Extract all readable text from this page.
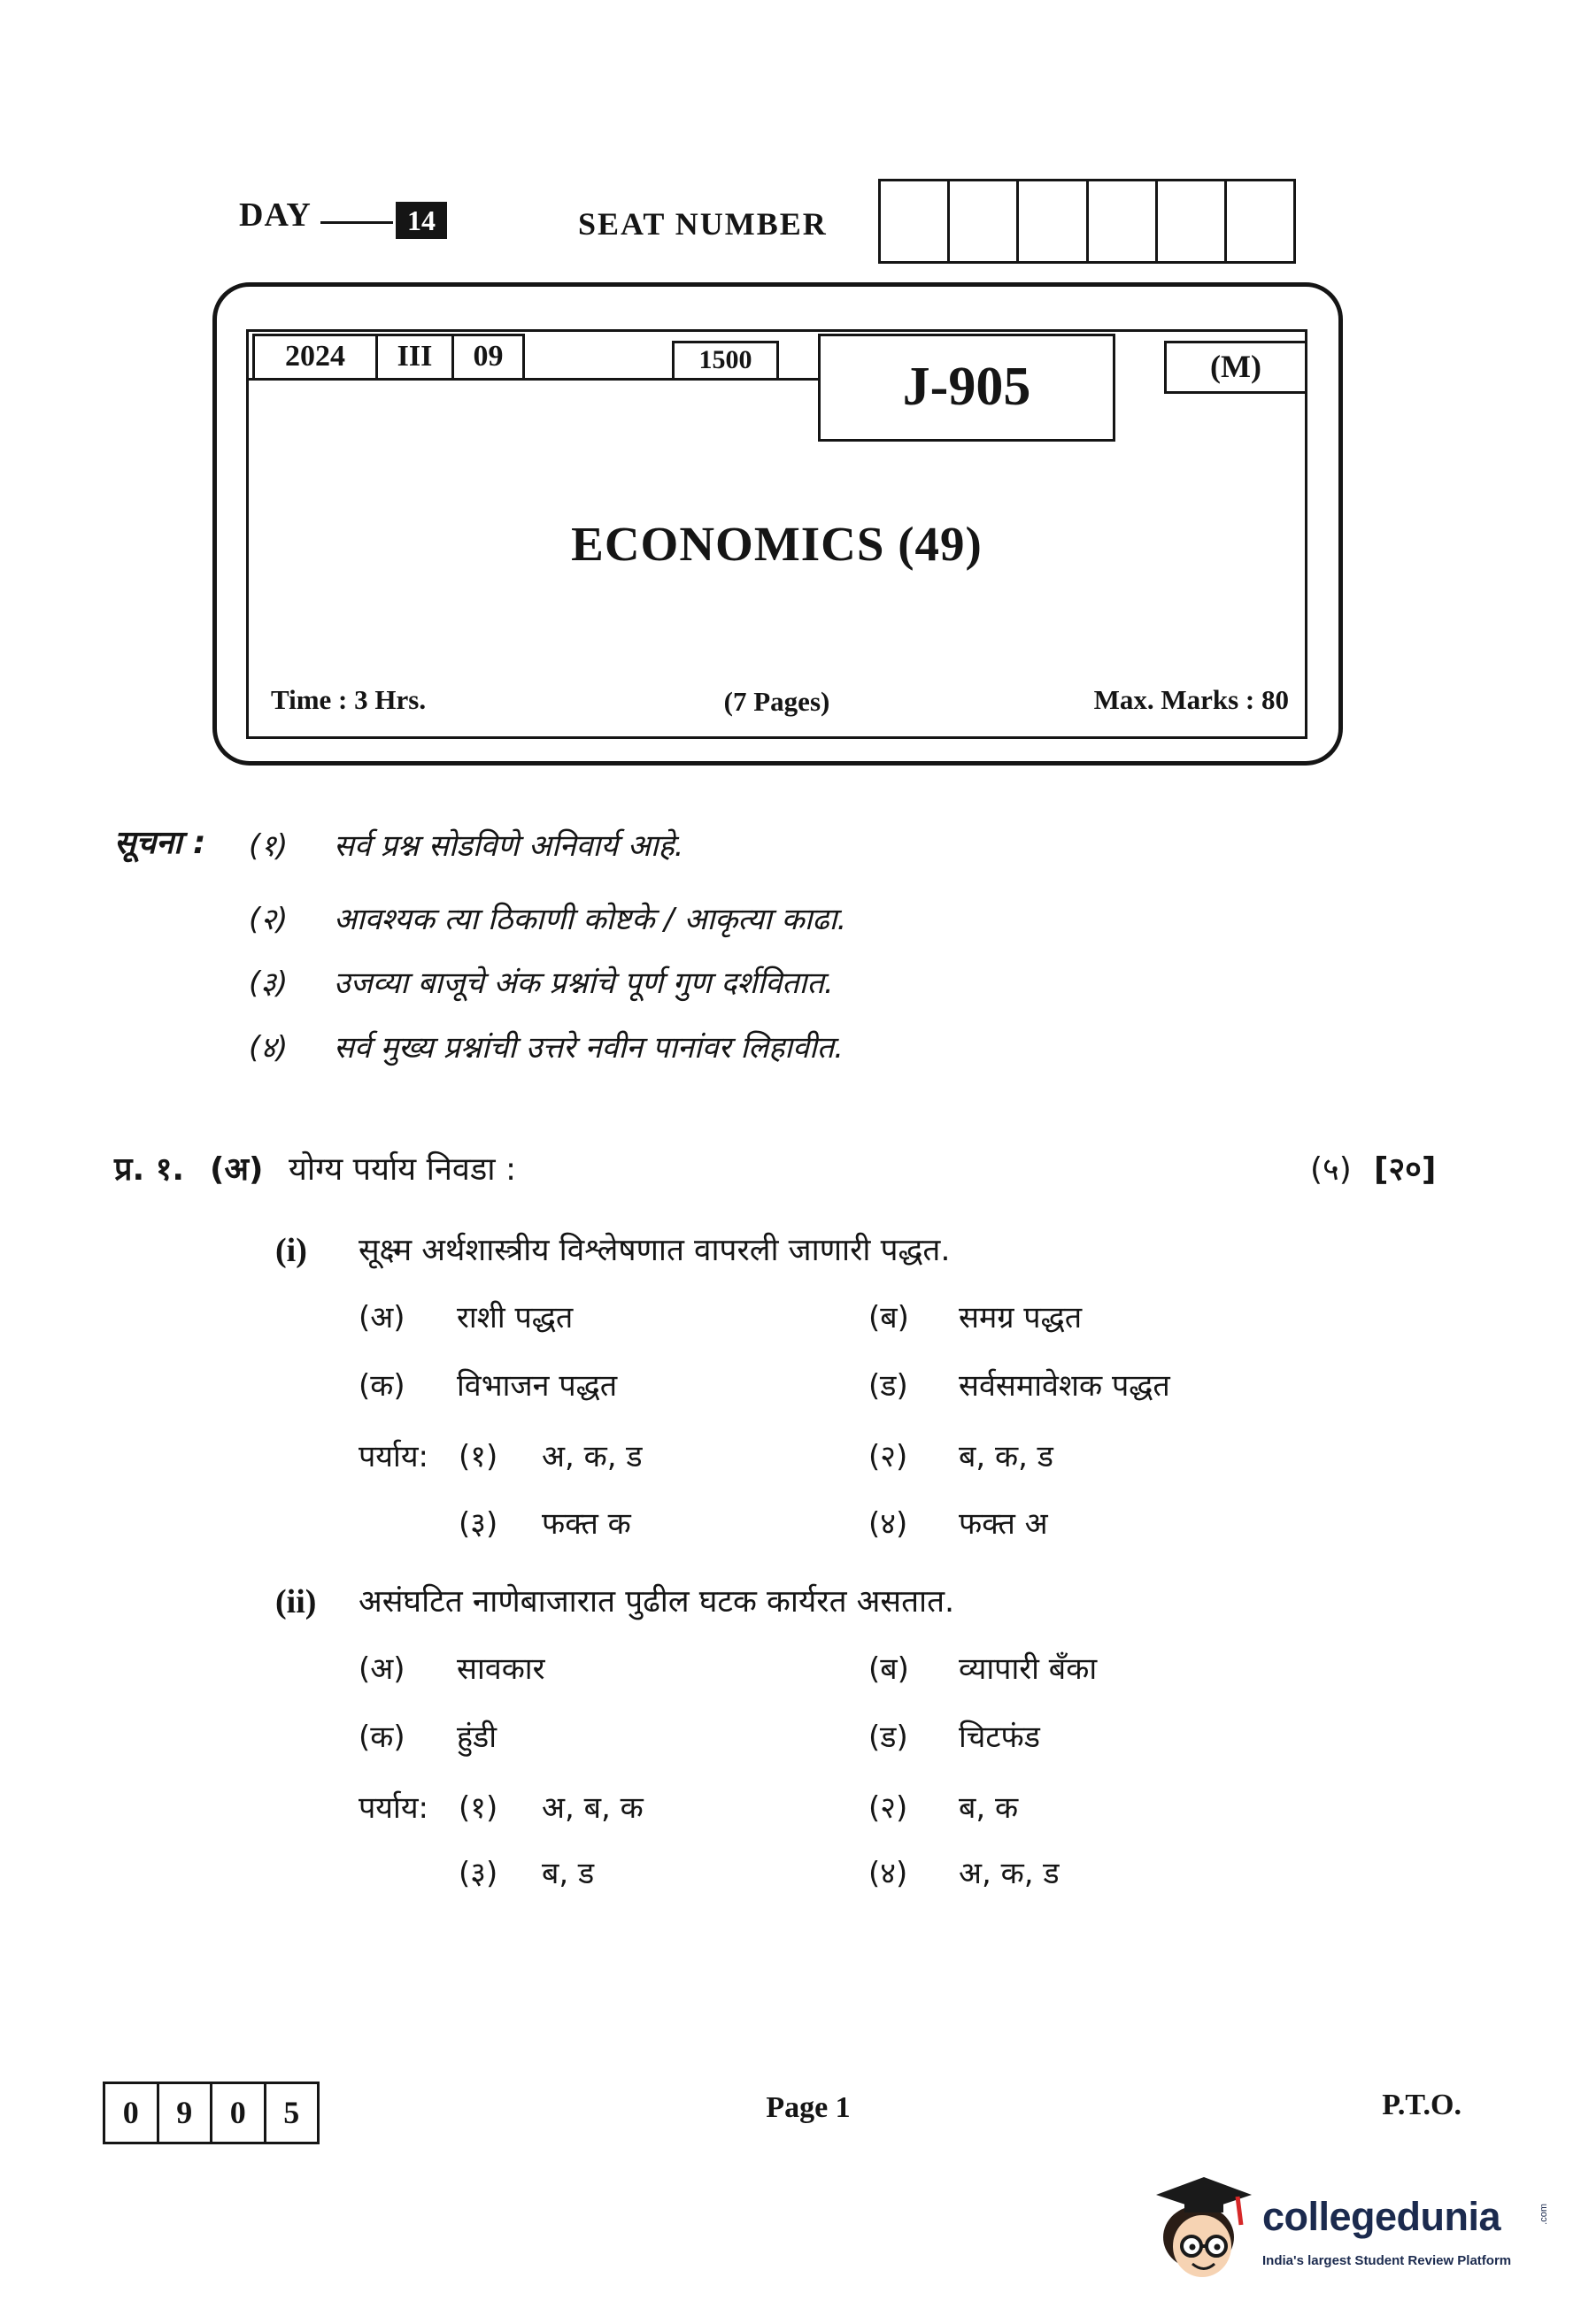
DAY	14	SEAT NUMBER
2024	III	09	1500	J-905	(M)
ECONOMICS (49)
Time : 3 Hrs.	(7 Pages)	Max. Marks : 80
सूचना : (१) सर्व प्रश्न सोडविणे अनिवार्य आहे.
(२) आवश्यक त्या ठिकाणी कोष्टके / आकृत्या काढा.
(३) उजव्या बाजूचे अंक प्रश्नांचे पूर्ण गुण दर्शवितात.
(४) सर्व मुख्य प्रश्नांची उत्तरे नवीन पानांवर लिहावीत.
प्र. १. (अ) योग्य पर्याय निवडा :	(५) [२०]
(i) सूक्ष्म अर्थशास्त्रीय विश्लेषणात वापरली जाणारी पद्धत.
(अ) राशी पद्धत	(ब) समग्र पद्धत
(क) विभाजन पद्धत	(ड) सर्वसमावेशक पद्धत
पर्याय: (१) अ, क, ड	(२) ब, क, ड
(३) फक्त क	(४) फक्त अ
(ii) असंघटित नाणेबाजारात पुढील घटक कार्यरत असतात.
(अ) सावकार	(ब) व्यापारी बँका
(क) हुंडी	(ड) चिटफंड
पर्याय: (१) अ, ब, क	(२) ब, क
(३) ब, ड	(४) अ, क, ड
0	9	0	5	Page 1	P.T.O.
collegedunia	.com
India's largest Student Review Platform
